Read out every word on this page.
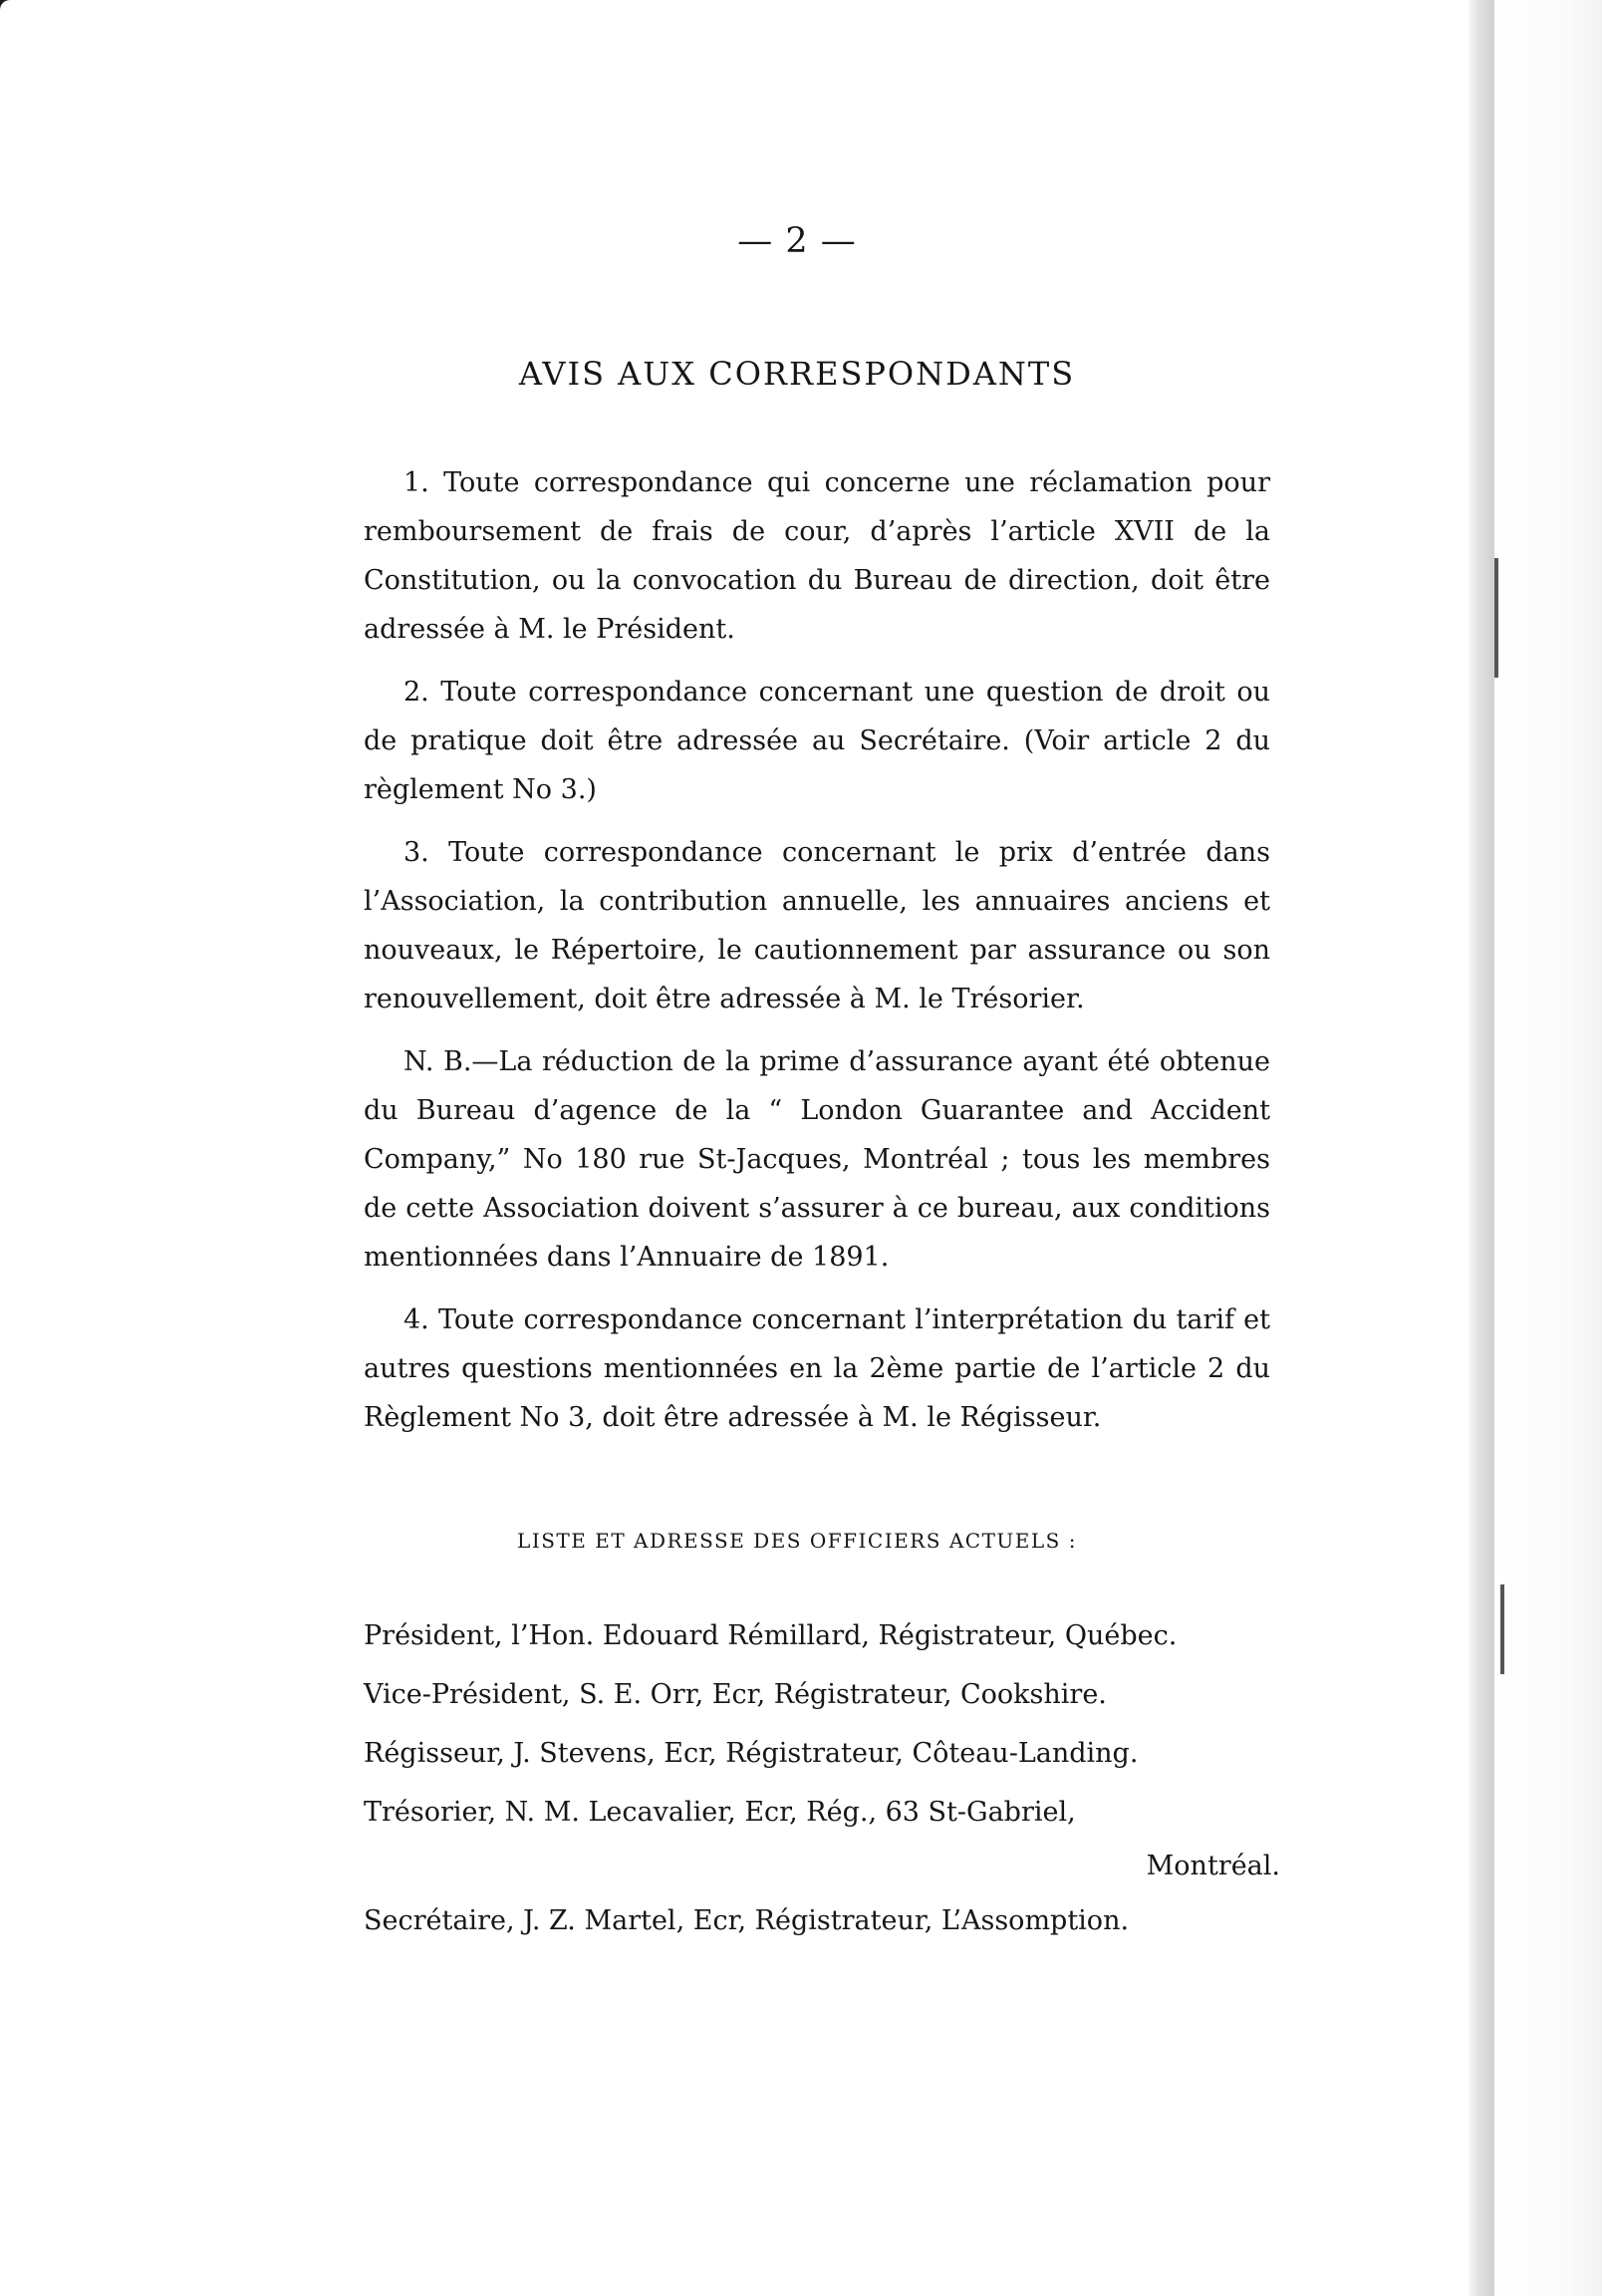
— 2 —
AVIS AUX CORRESPONDANTS

1. Toute correspondance qui concerne une réclamation pour remboursement de frais de cour, d’après l’article XVII de la Constitution, ou la convocation du Bureau de direction, doit être adressée à M. le Président.

2. Toute correspondance concernant une question de droit ou de pratique doit être adressée au Secrétaire. (Voir article 2 du règlement No 3.)

3. Toute correspondance concernant le prix d’entrée dans l’Association, la contribution annuelle, les annuaires anciens et nouveaux, le Répertoire, le cautionnement par assurance ou son renouvellement, doit être adressée à M. le Trésorier.

N. B.—La réduction de la prime d’assurance ayant été obtenue du Bureau d’agence de la “ London Guarantee and Accident Company,” No 180 rue St-Jacques, Montréal ; tous les membres de cette Association doivent s’assurer à ce bureau, aux conditions mentionnées dans l’Annuaire de 1891.

4. Toute correspondance concernant l’interprétation du tarif et autres questions mentionnées en la 2ème partie de l’article 2 du Règlement No 3, doit être adressée à M. le Régisseur.

LISTE ET ADRESSE DES OFFICIERS ACTUELS :
Président, l’Hon. Edouard Rémillard, Régistrateur, Québec.
Vice-Président, S. E. Orr, Ecr, Régistrateur, Cookshire.
Régisseur, J. Stevens, Ecr, Régistrateur, Côteau-Landing.
Trésorier, N. M. Lecavalier, Ecr, Rég., 63 St-Gabriel,
Montréal.
Secrétaire, J. Z. Martel, Ecr, Régistrateur, L’Assomption.
